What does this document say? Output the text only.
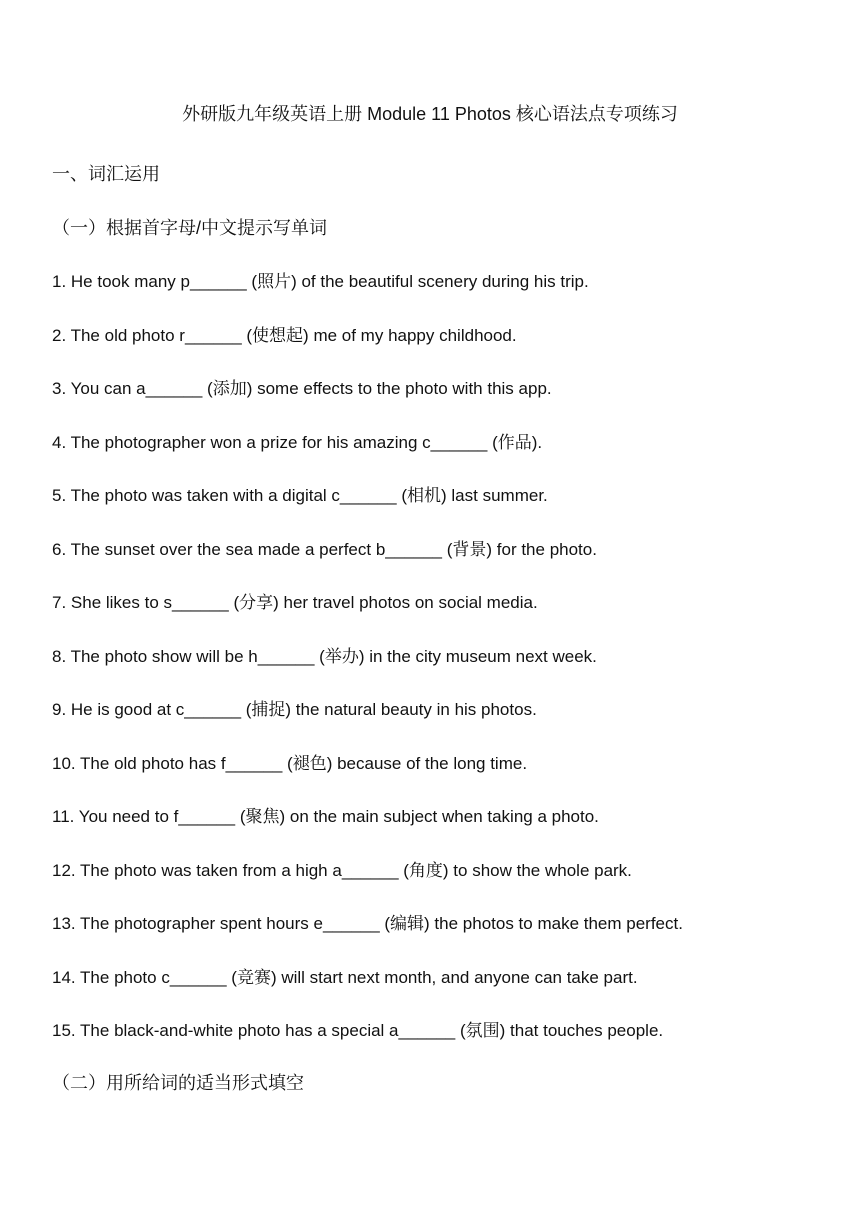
外研版九年级英语上册 Module 11 Photos 核心语法点专项练习
一、词汇运用
（一）根据首字母/中文提示写单词
1. He took many p______ (照片) of the beautiful scenery during his trip.
2. The old photo r______ (使想起) me of my happy childhood.
3. You can a______ (添加) some effects to the photo with this app.
4. The photographer won a prize for his amazing c______ (作品).
5. The photo was taken with a digital c______ (相机) last summer.
6. The sunset over the sea made a perfect b______ (背景) for the photo.
7. She likes to s______ (分享) her travel photos on social media.
8. The photo show will be h______ (举办) in the city museum next week.
9. He is good at c______ (捕捉) the natural beauty in his photos.
10. The old photo has f______ (褪色) because of the long time.
11. You need to f______ (聚焦) on the main subject when taking a photo.
12. The photo was taken from a high a______ (角度) to show the whole park.
13. The photographer spent hours e______ (编辑) the photos to make them perfect.
14. The photo c______ (竞赛) will start next month, and anyone can take part.
15. The black-and-white photo has a special a______ (氛围) that touches people.
（二）用所给词的适当形式填空
